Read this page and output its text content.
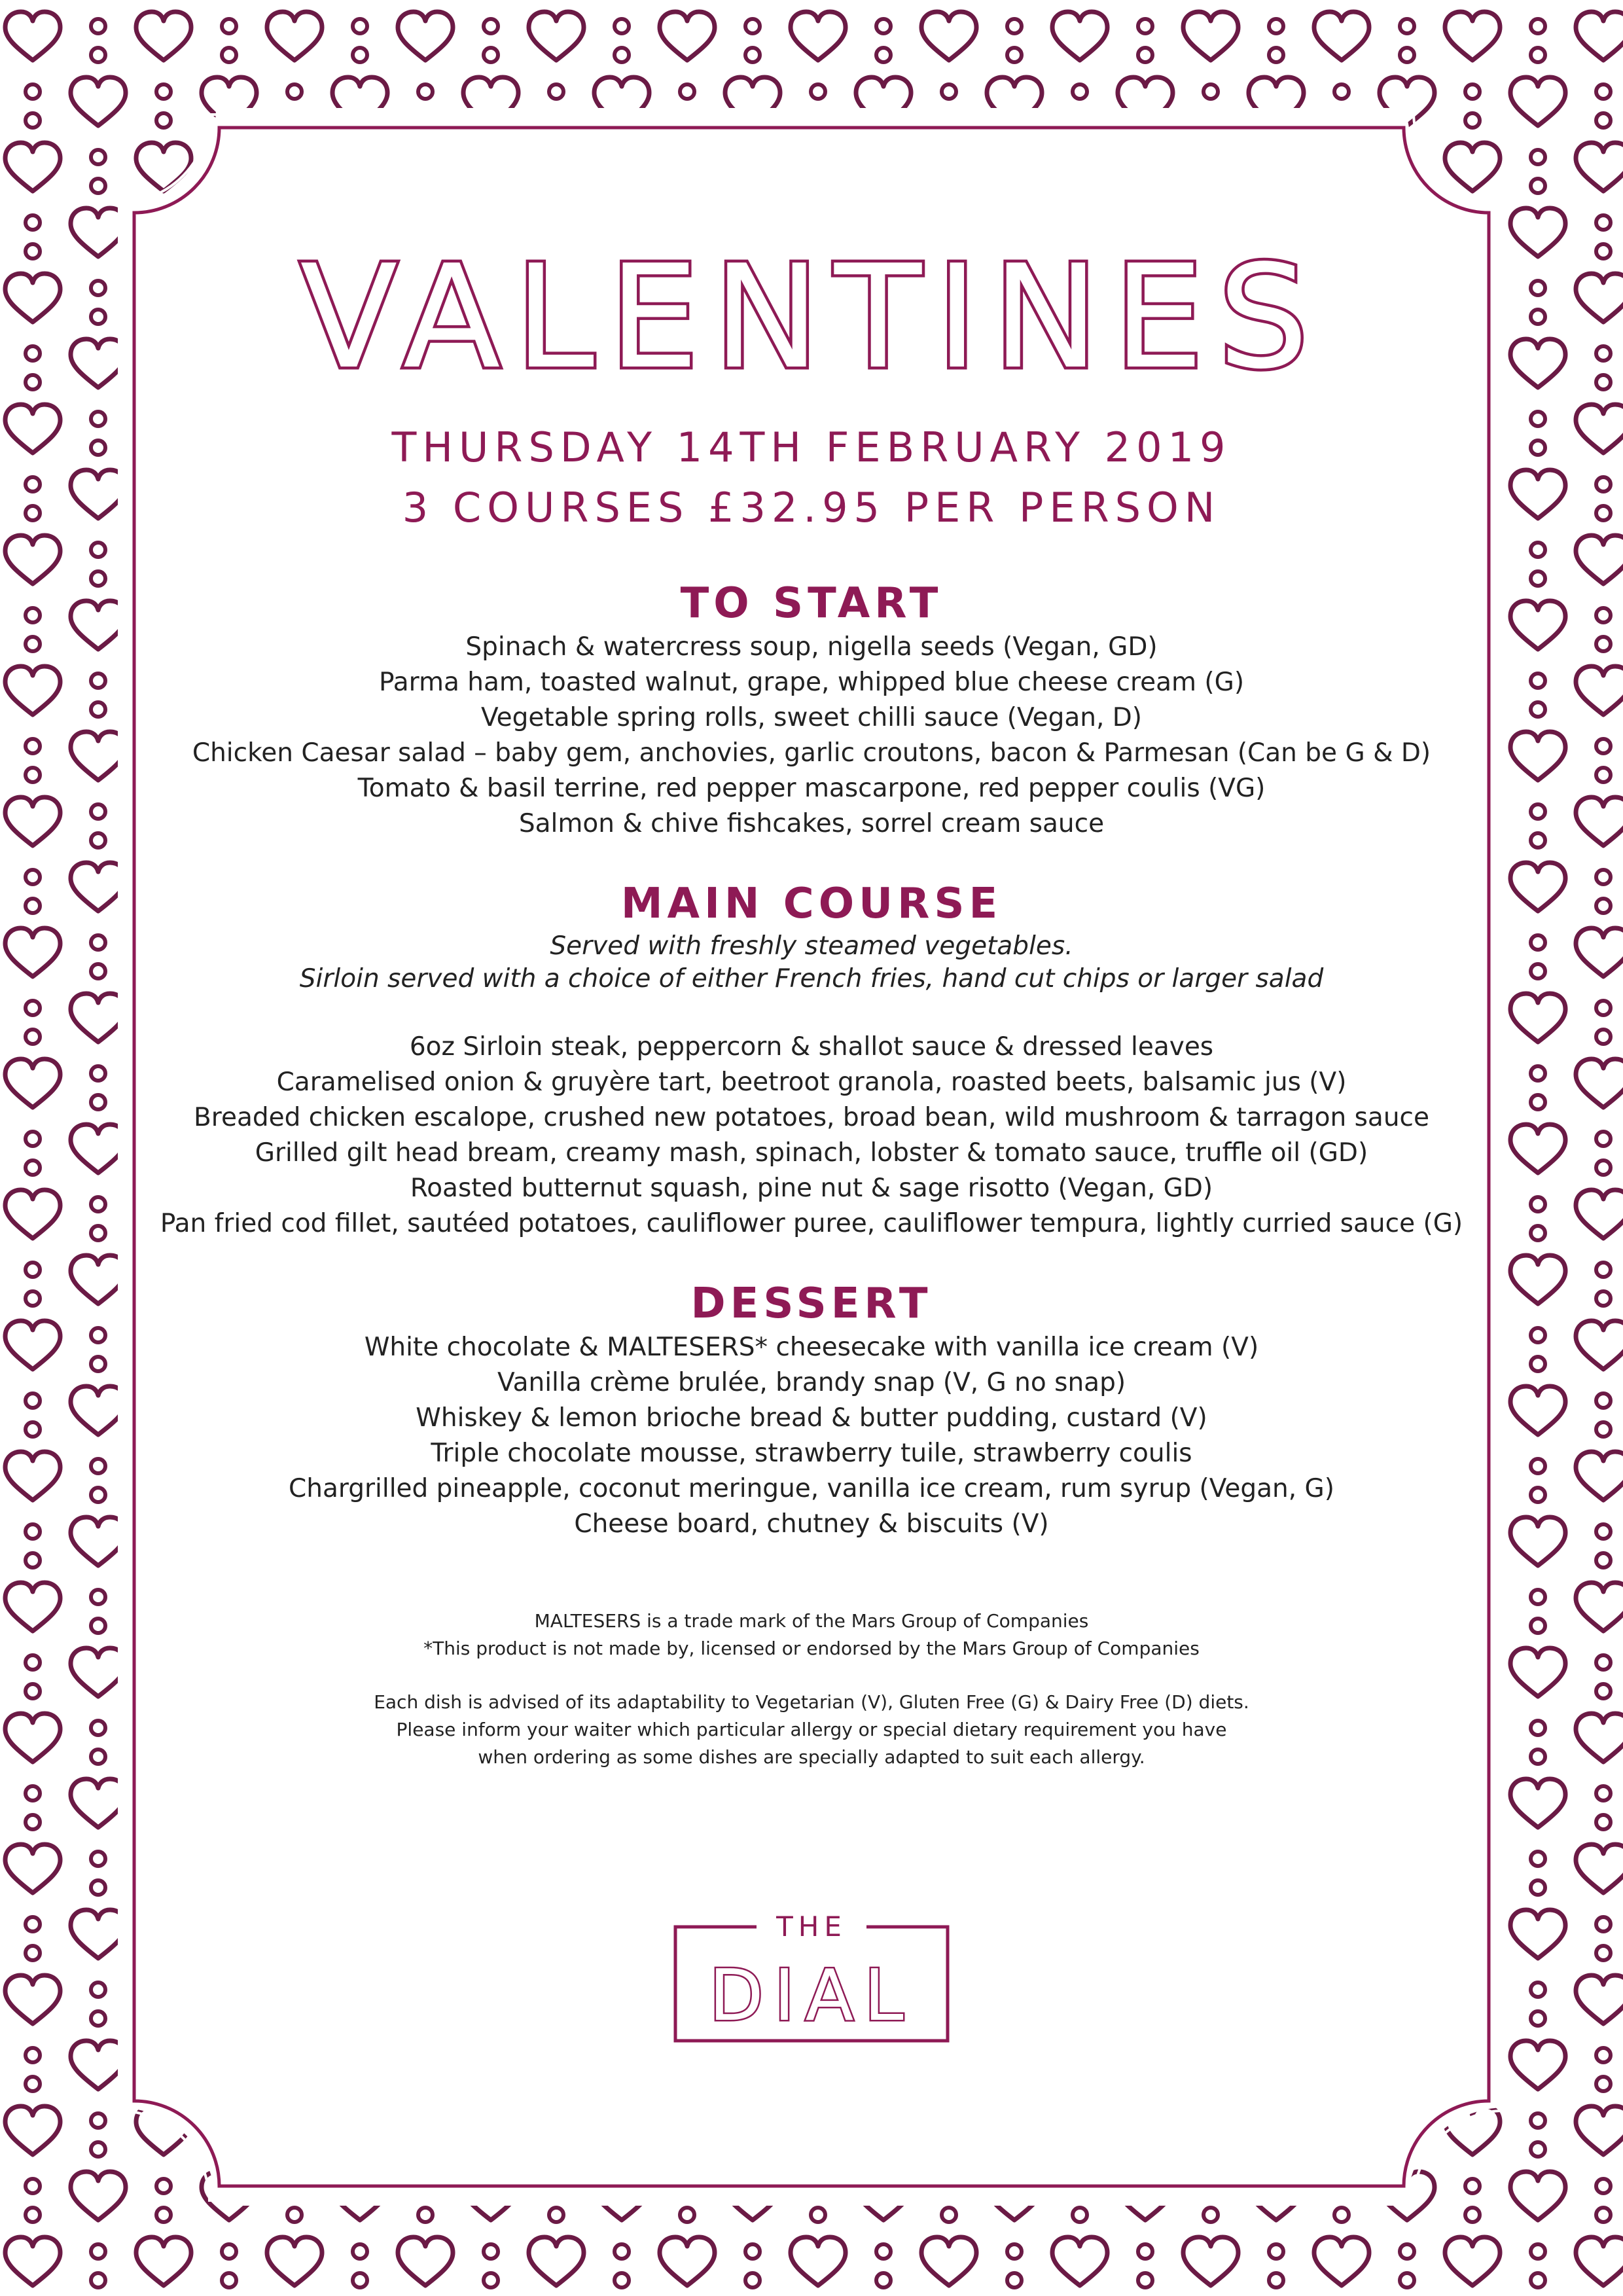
VALENTINES

THURSDAY 14TH FEBRUARY 2019

3 COURSES £32.95 PER PERSON

TO START

Spinach & watercress soup, nigella seeds (Vegan, GD)

Parma ham, toasted walnut, grape, whipped blue cheese cream (G)

Vegetable spring rolls, sweet chilli sauce (Vegan, D)

Chicken Caesar salad – baby gem, anchovies, garlic croutons, bacon & Parmesan (Can be G & D)

Tomato & basil terrine, red pepper mascarpone, red pepper coulis (VG)

Salmon & chive fishcakes, sorrel cream sauce

MAIN COURSE

Served with freshly steamed vegetables.

Sirloin served with a choice of either French fries, hand cut chips or larger salad

6oz Sirloin steak, peppercorn & shallot sauce & dressed leaves

Caramelised onion & gruyère tart, beetroot granola, roasted beets, balsamic jus (V)

Breaded chicken escalope, crushed new potatoes, broad bean, wild mushroom & tarragon sauce

Grilled gilt head bream, creamy mash, spinach, lobster & tomato sauce, truffle oil (GD)

Roasted butternut squash, pine nut & sage risotto (Vegan, GD)

Pan fried cod fillet, sautéed potatoes, cauliflower puree, cauliflower tempura, lightly curried sauce (G)

DESSERT

White chocolate & MALTESERS* cheesecake with vanilla ice cream (V)

Vanilla crème brulée, brandy snap (V, G no snap)

Whiskey & lemon brioche bread & butter pudding, custard (V)

Triple chocolate mousse, strawberry tuile, strawberry coulis

Chargrilled pineapple, coconut meringue, vanilla ice cream, rum syrup (Vegan, G)

Cheese board, chutney & biscuits (V)

MALTESERS is a trade mark of the Mars Group of Companies

*This product is not made by, licensed or endorsed by the Mars Group of Companies

Each dish is advised of its adaptability to Vegetarian (V), Gluten Free (G) & Dairy Free (D) diets.

Please inform your waiter which particular allergy or special dietary requirement you have

when ordering as some dishes are specially adapted to suit each allergy.

THE
DIAL
